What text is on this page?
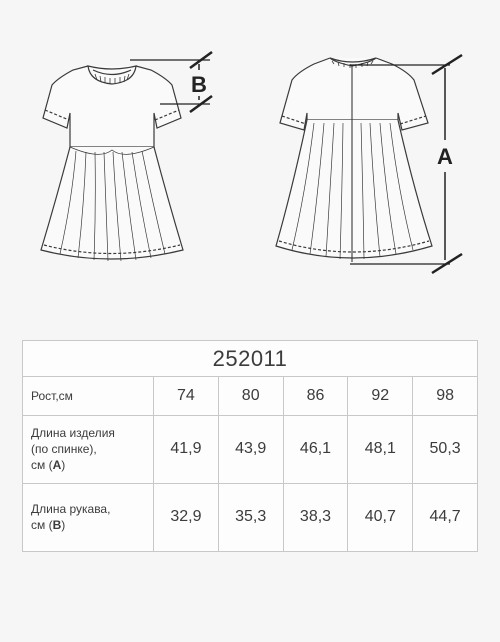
B
A
252011					
Рост,см	74	80	86	92	98
Длина изделия
(по спинке),
см (A)	41,9	43,9	46,1	48,1	50,3
Длина рукава,
см (B)	32,9	35,3	38,3	40,7	44,7
